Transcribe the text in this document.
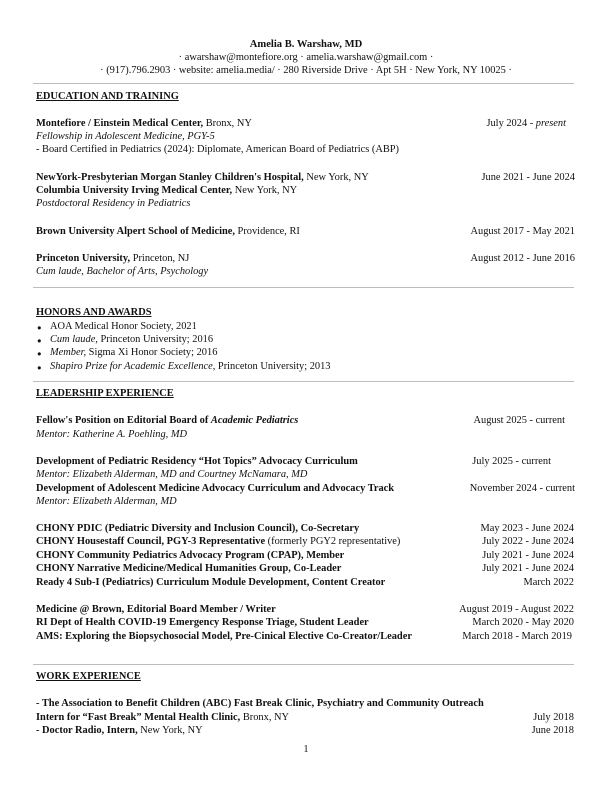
Amelia B. Warshaw, MD
· awarshaw@montefiore.org · amelia.warshaw@gmail.com ·
· (917).796.2903 · website: amelia.media/ · 280 Riverside Drive · Apt 5H · New York, NY 10025 ·
EDUCATION AND TRAINING
Montefiore / Einstein Medical Center, Bronx, NY	July 2024 - present
Fellowship in Adolescent Medicine, PGY-5
- Board Certified in Pediatrics (2024): Diplomate, American Board of Pediatrics (ABP)
NewYork-Presbyterian Morgan Stanley Children's Hospital, New York, NY	June 2021 - June 2024
Columbia University Irving Medical Center, New York, NY
Postdoctoral Residency in Pediatrics
Brown University Alpert School of Medicine, Providence, RI	August 2017 - May 2021
Princeton University, Princeton, NJ	August 2012 - June 2016
Cum laude, Bachelor of Arts, Psychology
HONORS AND AWARDS
● AOA Medical Honor Society, 2021
● Cum laude, Princeton University; 2016
● Member, Sigma Xi Honor Society; 2016
● Shapiro Prize for Academic Excellence, Princeton University; 2013
LEADERSHIP EXPERIENCE
Fellow's Position on Editorial Board of Academic Pediatrics	August 2025 - current
Mentor: Katherine A. Poehling, MD
Development of Pediatric Residency “Hot Topics” Advocacy Curriculum	July 2025 - current
Mentor: Elizabeth Alderman, MD and Courtney McNamara, MD
Development of Adolescent Medicine Advocacy Curriculum and Advocacy Track	November 2024 - current
Mentor: Elizabeth Alderman, MD
CHONY PDIC (Pediatric Diversity and Inclusion Council), Co-Secretary	May 2023 - June 2024
CHONY Housestaff Council, PGY-3 Representative (formerly PGY2 representative)	July 2022 - June 2024
CHONY Community Pediatrics Advocacy Program (CPAP), Member	July 2021 - June 2024
CHONY Narrative Medicine/Medical Humanities Group, Co-Leader	July 2021 - June 2024
Ready 4 Sub-I (Pediatrics) Curriculum Module Development, Content Creator	March 2022
Medicine @ Brown, Editorial Board Member / Writer	August 2019 - August 2022
RI Dept of Health COVID-19 Emergency Response Triage, Student Leader	March 2020 - May 2020
AMS: Exploring the Biopsychosocial Model, Pre-Cinical Elective Co-Creator/Leader	March 2018 - March 2019
WORK EXPERIENCE
- The Association to Benefit Children (ABC) Fast Break Clinic, Psychiatry and Community Outreach
Intern for “Fast Break” Mental Health Clinic, Bronx, NY	July 2018
- Doctor Radio, Intern, New York, NY	June 2018
1
